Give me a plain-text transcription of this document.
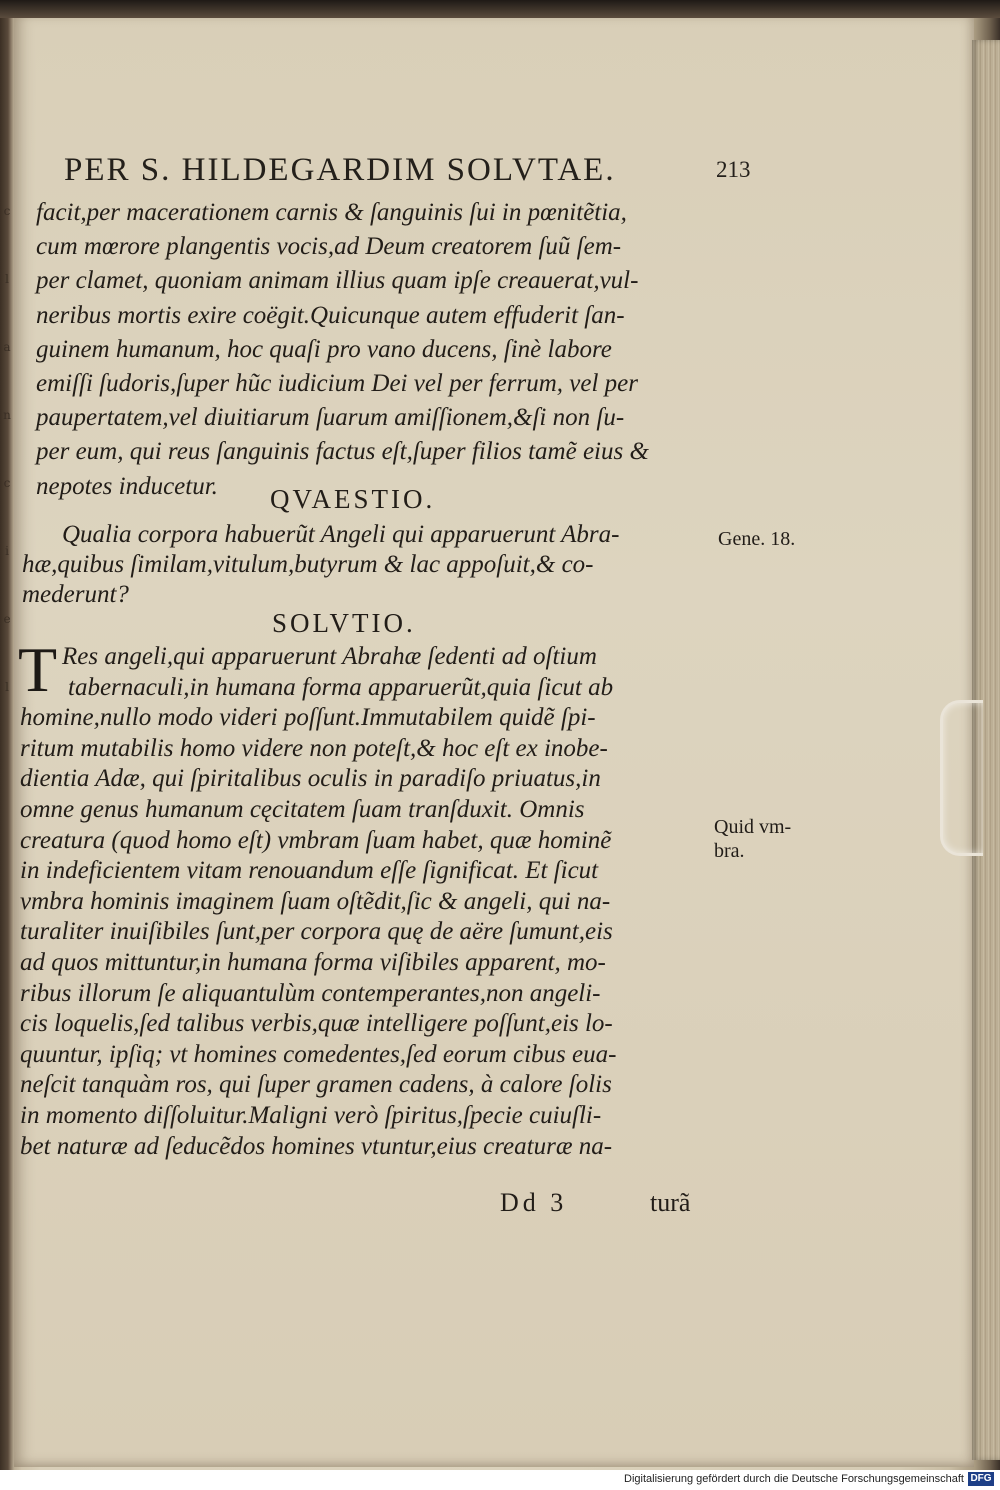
c
l
a
n
c
i
e
l
PER S. HILDEGARDIM SOLVTAE.	213
facit,per macerationem carnis & ſanguinis ſui in pœnitẽtia,
cum mœrore plangentis vocis,ad Deum creatorem ſuũ ſem-
per clamet, quoniam animam illius quam ipſe creauerat,vul-
neribus mortis exire coëgit.Quicunque autem effuderit ſan-
guinem humanum, hoc quaſi pro vano ducens, ſinè labore
emiſſi ſudoris,ſuper hũc iudicium Dei vel per ferrum, vel per
paupertatem,vel diuitiarum ſuarum amiſſionem,&ſi non ſu-
per eum, qui reus ſanguinis factus eſt,ſuper filios tamẽ eius &
nepotes inducetur.	QVAESTIO.
Qualia corpora habuerũt Angeli qui apparuerunt Abra-
hæ,quibus ſimilam,vitulum,butyrum & lac appoſuit,& co-
mederunt?
SOLVTIO.
T Res angeli,qui apparuerunt Abrahæ ſedenti ad oſtium
tabernaculi,in humana forma apparuerũt,quia ſicut ab
homine,nullo modo videri poſſunt.Immutabilem quidẽ ſpi-
ritum mutabilis homo videre non poteſt,& hoc eſt ex inobe-
dientia Adæ, qui ſpiritalibus oculis in paradiſo priuatus,in
omne genus humanum cęcitatem ſuam tranſduxit. Omnis
creatura (quod homo eſt) vmbram ſuam habet, quæ hominẽ
in indeficientem vitam renouandum eſſe ſignificat. Et ſicut
vmbra hominis imaginem ſuam oſtẽdit,ſic & angeli, qui na-
turaliter inuiſibiles ſunt,per corpora quę de aëre ſumunt,eis
ad quos mittuntur,in humana forma viſibiles apparent, mo-
ribus illorum ſe aliquantulùm contemperantes,non angeli-
cis loquelis,ſed talibus verbis,quæ intelligere poſſunt,eis lo-
quuntur, ipſiq; vt homines comedentes,ſed eorum cibus eua-
neſcit tanquàm ros, qui ſuper gramen cadens, à calore ſolis
in momento diſſoluitur.Maligni verò ſpiritus,ſpecie cuiuſli-
bet naturæ ad ſeducẽdos homines vtuntur,eius creaturæ na-
Dd 3	turã
Gene. 18.
Quid vm-
bra.
Digitalisierung gefördert durch die Deutsche Forschungsgemeinschaft DFG
